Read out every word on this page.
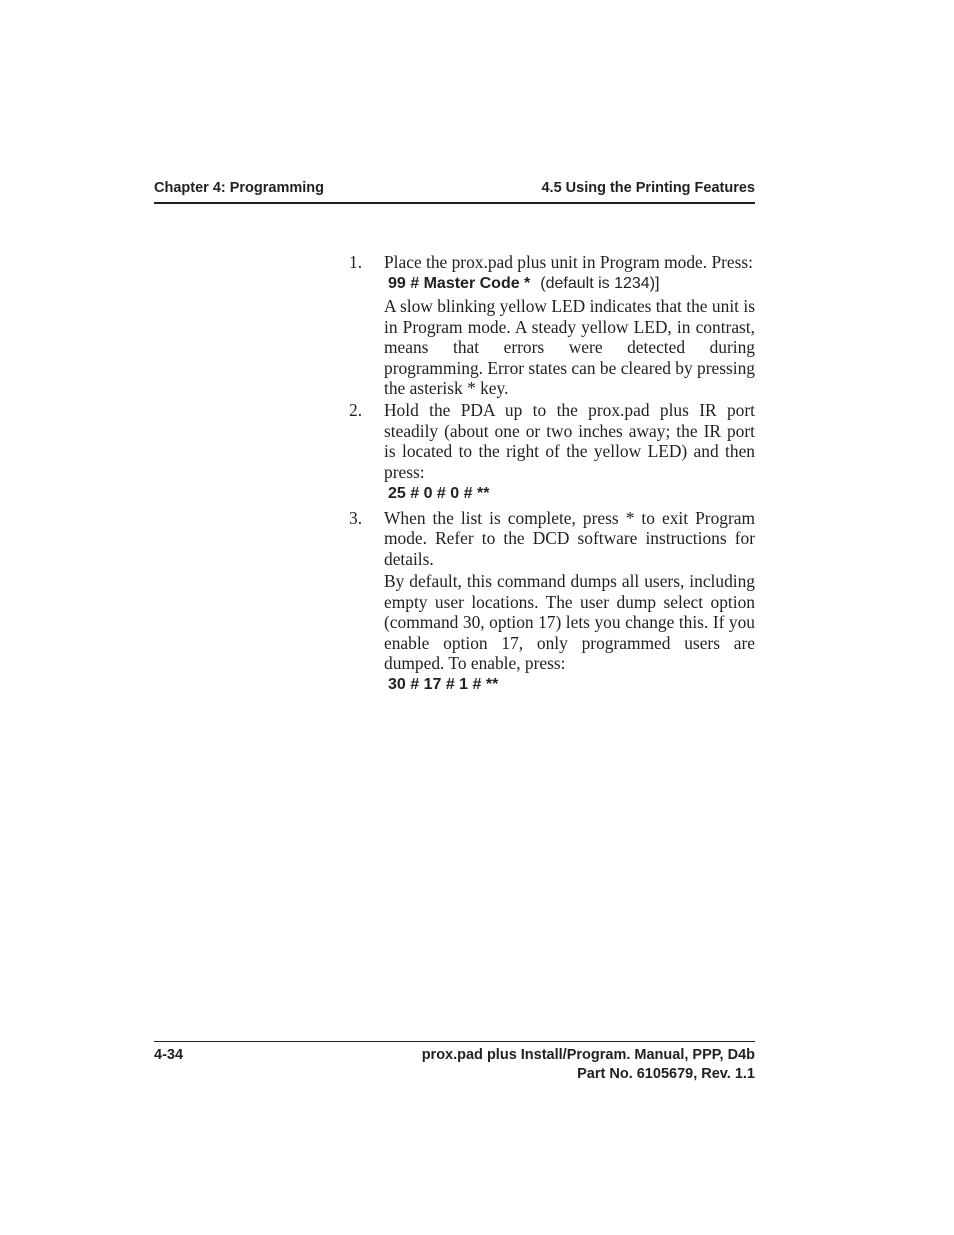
Chapter 4: Programming	4.5 Using the Printing Features
1.	Place the prox.pad plus unit in Program mode. Press:

99 # Master Code * (default is 1234)]

A slow blinking yellow LED indicates that the unit is in Program mode. A steady yellow LED, in contrast, means that errors were detected during programming. Error states can be cleared by pressing the asterisk * key.

2.	Hold the PDA up to the prox.pad plus IR port steadily (about one or two inches away; the IR port is located to the right of the yellow LED) and then press:

25 # 0 # 0 # **
3.	When the list is complete, press * to exit Program mode. Refer to the DCD software instructions for details.

By default, this command dumps all users, including empty user locations. The user dump select option (command 30, option 17) lets you change this. If you enable option 17, only programmed users are dumped. To enable, press:

30 # 17 # 1 # **
4-34	prox.pad plus Install/Program. Manual, PPP, D4b
Part No. 6105679, Rev. 1.1
